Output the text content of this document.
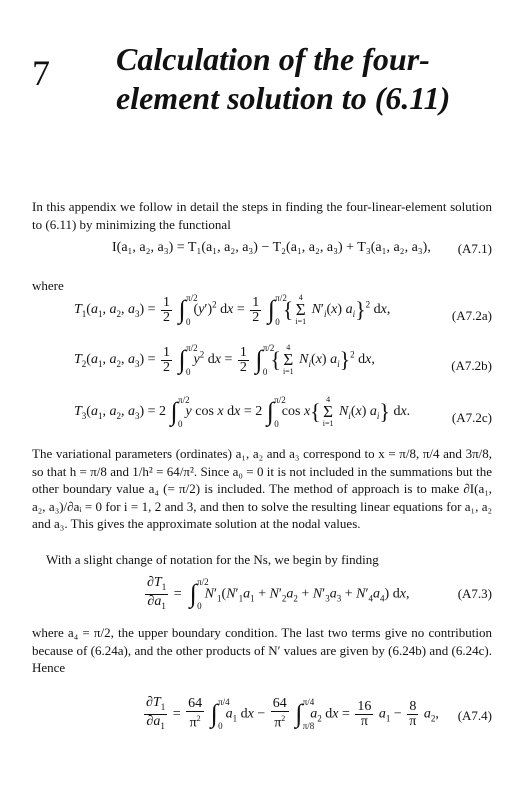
7 Calculation of the four-element solution to (6.11)
In this appendix we follow in detail the steps in finding the four-linear-element solution to (6.11) by minimizing the functional
I(a₁, a₂, a₃) = T₁(a₁, a₂, a₃) − T₂(a₁, a₂, a₃) + T₃(a₁, a₂, a₃), (A7.1)
where
$T_1(a_1$, $a_2$, $a_3) = \frac{1}{2}$ ∫ π/2
0
$(y')^2$ dx = $\frac{1}{2}$ ∫ π/2
0 { 4
Σ
i=1
$N'_i(x)$ $a_i\}^2$ dx,	(A7.2a)
$T_2(a_1$, $a_2$, $a_3) = \frac{1}{2}$ ∫ π/2
0
$y^2$ dx = $\frac{1}{2}$ ∫ π/2
0 { 4
Σ
i=1
$N_i(x)$ $a_i\}^2$ dx,	(A7.2b)
$T_3(a_1$, $a_2$, $a_3) = 2$ ∫ π/2
0
y cos x dx = 2 ∫ π/2
0
cos x{ 4
Σ
i=1
$N_i(x)$ $a_i$} dx.	(A7.2c)
The variational parameters (ordinates) a₁, a₂ and a₃ correspond to x = π/8, π/4 and 3π/8, so that h = π/8 and 1/h² = 64/π². Since a₀ = 0 it is not included in the summations but the other boundary value a₄ (= π/2) is included. The method of approach is to make ∂I(a₁, a₂, a₃)/∂aᵢ = 0 for i = 1, 2 and 3, and then to solve the resulting linear equations for a₁, a₂ and a₃. This gives the approximate solution at the nodal values.
With a slight change of notation for the Ns, we begin by finding
$\frac{\partial T_1}{\partial a_1}$ = ∫ π/2
0
$N'_1(N'_1a_1 + N'_2a_2 + N'_3a_3 + N'_4a_4)$ dx,	(A7.3)
where a₄ = π/2, the upper boundary condition. The last two terms give no contribution because of (6.24a), and the other products of N′ values are given by (6.24b) and (6.24c). Hence
$\frac{\partial T_1}{\partial a_1} = \frac{64}{\pi^2}$ ∫ π/4
0
$a_1$ dx − $\frac{64}{\pi^2}$ ∫ π/4
π/8
$a_2$ dx = $\frac{16}{\pi} a_1 - \frac{8}{\pi} a_2$, (A7.4)
